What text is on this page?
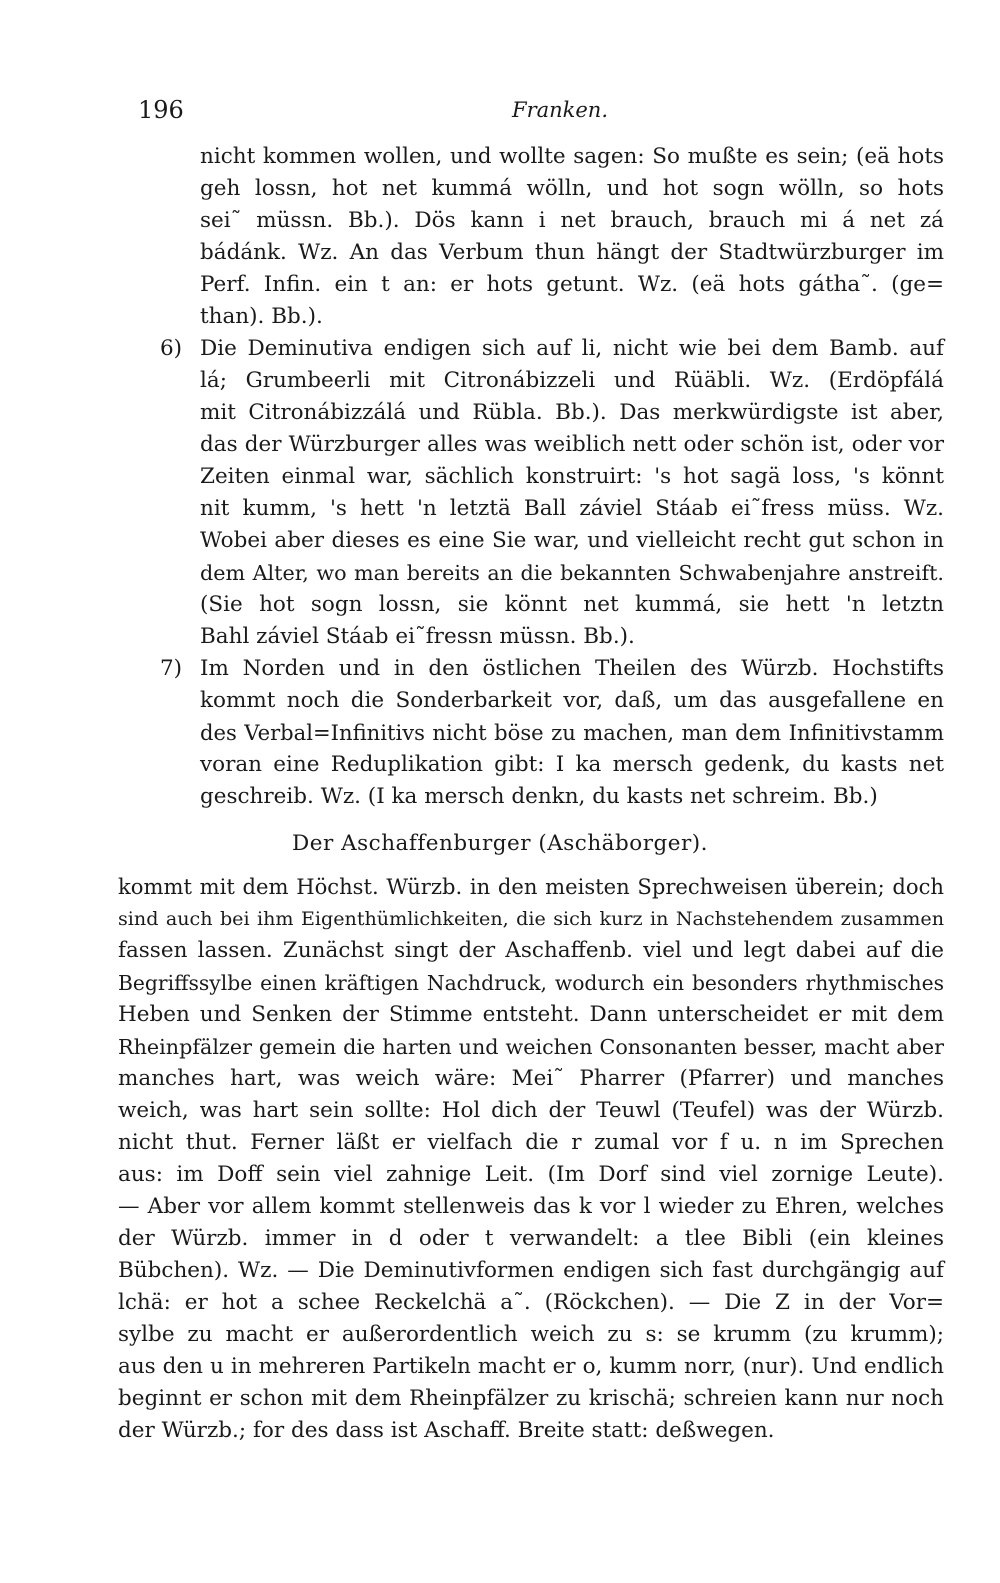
196	Franken.
nicht kommen wollen, und wollte sagen: So mußte es sein; (eä hots
geh lossn, hot net kummá wölln, und hot sogn wölln, so hots
sei˜ müssn. Bb.). Dös kann i net brauch, brauch mi á net zá
bádánk. Wz. An das Verbum thun hängt der Stadtwürzburger im
Perf. Infin. ein t an: er hots getunt. Wz. (eä hots gátha˜. (ge=
than). Bb.).
6) Die Deminutiva endigen sich auf li, nicht wie bei dem Bamb. auf
lá; Grumbeerli mit Citronábizzeli und Rüäbli. Wz. (Erdöpfálá
mit Citronábizzálá und Rübla. Bb.). Das merkwürdigste ist aber,
das der Würzburger alles was weiblich nett oder schön ist, oder vor
Zeiten einmal war, sächlich konstruirt: 's hot sagä loss, 's könnt
nit kumm, 's hett 'n letztä Ball záviel Stáab ei˜fress müss. Wz.
Wobei aber dieses es eine Sie war, und vielleicht recht gut schon in
dem Alter, wo man bereits an die bekannten Schwabenjahre anstreift.
(Sie hot sogn lossn, sie könnt net kummá, sie hett 'n letztn
Bahl záviel Stáab ei˜fressn müssn. Bb.).
7) Im Norden und in den östlichen Theilen des Würzb. Hochstifts
kommt noch die Sonderbarkeit vor, daß, um das ausgefallene en
des Verbal=Infinitivs nicht böse zu machen, man dem Infinitivstamm
voran eine Reduplikation gibt: I ka mersch gedenk, du kasts net
geschreib. Wz. (I ka mersch denkn, du kasts net schreim. Bb.)
Der Aschaffenburger (Aschäborger).
kommt mit dem Höchst. Würzb. in den meisten Sprechweisen überein; doch
sind auch bei ihm Eigenthümlichkeiten, die sich kurz in Nachstehendem zusammen
fassen lassen. Zunächst singt der Aschaffenb. viel und legt dabei auf die
Begriffssylbe einen kräftigen Nachdruck, wodurch ein besonders rhythmisches
Heben und Senken der Stimme entsteht. Dann unterscheidet er mit dem
Rheinpfälzer gemein die harten und weichen Consonanten besser, macht aber
manches hart, was weich wäre: Mei˜ Pharrer (Pfarrer) und manches
weich, was hart sein sollte: Hol dich der Teuwl (Teufel) was der Würzb.
nicht thut. Ferner läßt er vielfach die r zumal vor f u. n im Sprechen
aus: im Doff sein viel zahnige Leit. (Im Dorf sind viel zornige Leute).
— Aber vor allem kommt stellenweis das k vor l wieder zu Ehren, welches
der Würzb. immer in d oder t verwandelt: a tlee Bibli (ein kleines
Bübchen). Wz. — Die Deminutivformen endigen sich fast durchgängig auf
lchä: er hot a schee Reckelchä a˜. (Röckchen). — Die Z in der Vor=
sylbe zu macht er außerordentlich weich zu s: se krumm (zu krumm);
aus den u in mehreren Partikeln macht er o, kumm norr, (nur). Und endlich
beginnt er schon mit dem Rheinpfälzer zu krischä; schreien kann nur noch
der Würzb.; for des dass ist Aschaff. Breite statt: deßwegen.
